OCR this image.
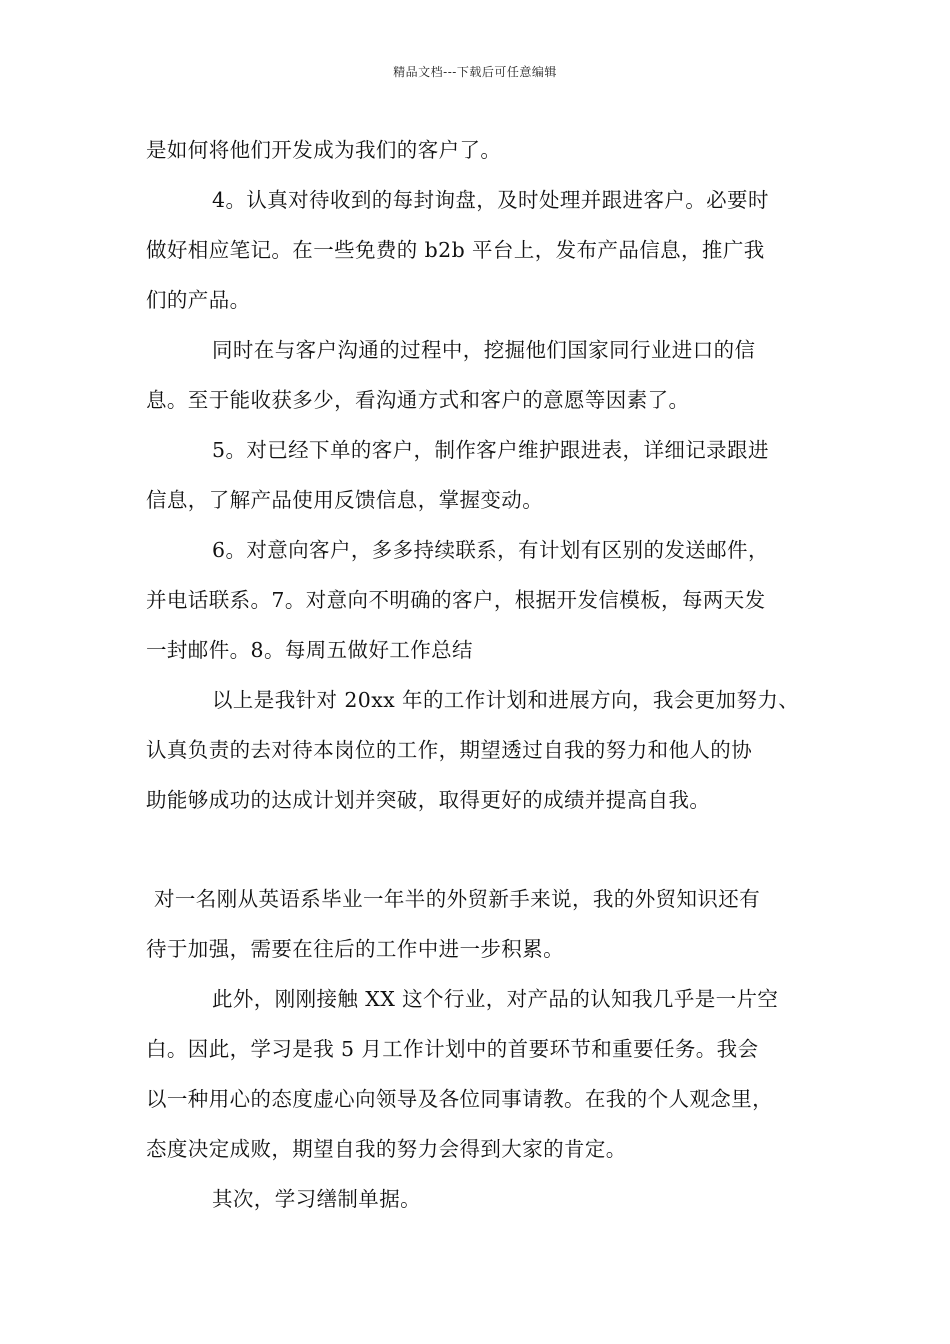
精品文档---下载后可任意编辑
是如何将他们开发成为我们的客户了。
4。认真对待收到的每封询盘，及时处理并跟进客户。必要时
做好相应笔记。在一些免费的 b2b 平台上，发布产品信息，推广我
们的产品。
同时在与客户沟通的过程中，挖掘他们国家同行业进口的信
息。至于能收获多少，看沟通方式和客户的意愿等因素了。
5。对已经下单的客户，制作客户维护跟进表，详细记录跟进
信息，了解产品使用反馈信息，掌握变动。
6。对意向客户，多多持续联系，有计划有区别的发送邮件，
并电话联系。7。对意向不明确的客户，根据开发信模板，每两天发
一封邮件。8。每周五做好工作总结
以上是我针对 20xx 年的工作计划和进展方向，我会更加努力、
认真负责的去对待本岗位的工作，期望透过自我的努力和他人的协
助能够成功的达成计划并突破，取得更好的成绩并提高自我。
对一名刚从英语系毕业一年半的外贸新手来说，我的外贸知识还有
待于加强，需要在往后的工作中进一步积累。
此外，刚刚接触 XX 这个行业，对产品的认知我几乎是一片空
白。因此，学习是我 5 月工作计划中的首要环节和重要任务。我会
以一种用心的态度虚心向领导及各位同事请教。在我的个人观念里，
态度决定成败，期望自我的努力会得到大家的肯定。
其次，学习缮制单据。
